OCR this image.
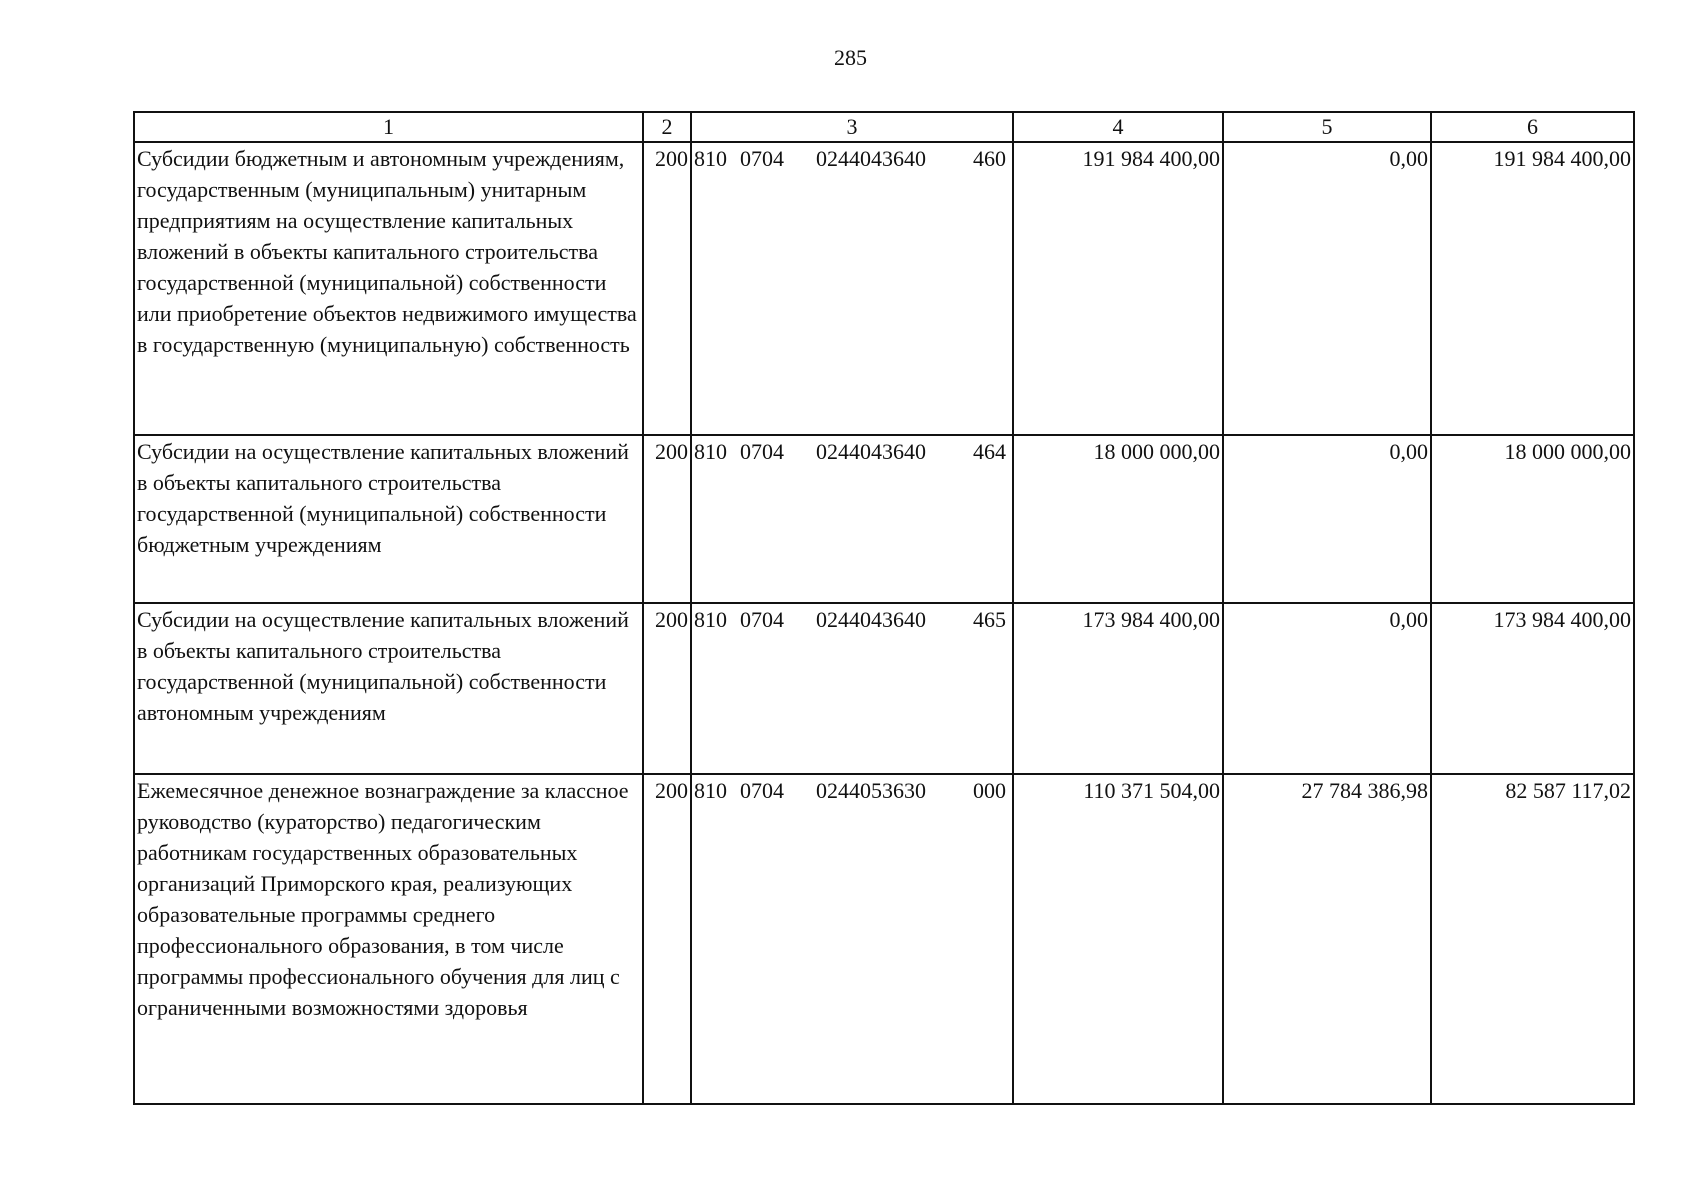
285
1	2	3	4	5	6
Субсидии бюджетным и автономным учреждениям, государственным (муниципальным) унитарным предприятиям на осуществление капитальных вложений в объекты капитального строительства государственной (муниципальной) собственности или приобретение объектов недвижимого имущества в государственную (муниципальную) собственность	200	810 0704 0244043640 460	191 984 400,00	0,00	191 984 400,00
Субсидии на осуществление капитальных вложений в объекты капитального строительства государственной (муниципальной) собственности бюджетным учреждениям	200	810 0704 0244043640 464	18 000 000,00	0,00	18 000 000,00
Субсидии на осуществление капитальных вложений в объекты капитального строительства государственной (муниципальной) собственности автономным учреждениям	200	810 0704 0244043640 465	173 984 400,00	0,00	173 984 400,00
Ежемесячное денежное вознаграждение за классное руководство (кураторство) педагогическим работникам государственных образовательных организаций Приморского края, реализующих образовательные программы среднего профессионального образования, в том числе программы профессионального обучения для лиц с ограниченными возможностями здоровья	200	810 0704 0244053630 000	110 371 504,00	27 784 386,98	82 587 117,02
